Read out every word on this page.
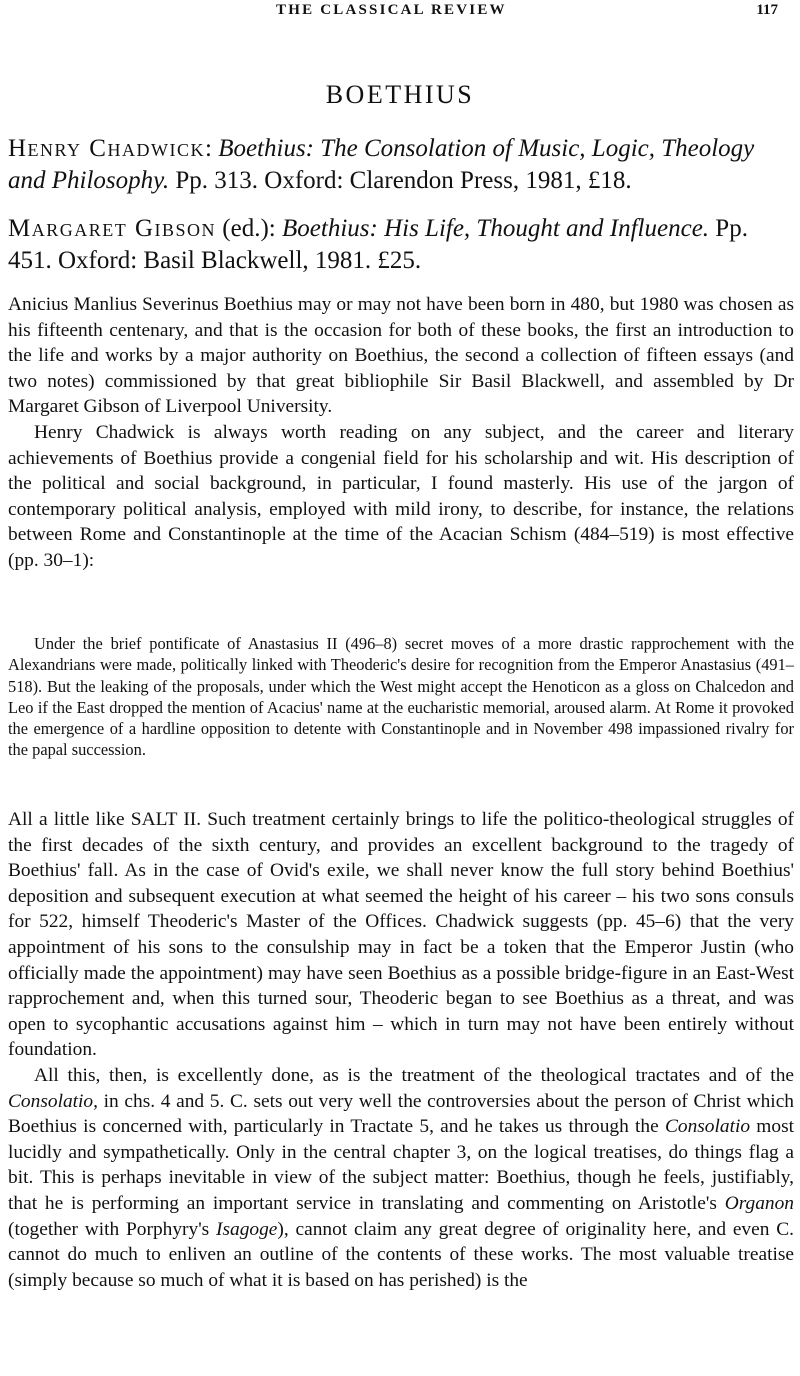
THE CLASSICAL REVIEW	117
BOETHIUS
Henry Chadwick: Boethius: The Consolation of Music, Logic, Theology and Philosophy. Pp. 313. Oxford: Clarendon Press, 1981, £18.
Margaret Gibson (ed.): Boethius: His Life, Thought and Influence. Pp. 451. Oxford: Basil Blackwell, 1981. £25.

Anicius Manlius Severinus Boethius may or may not have been born in 480, but 1980 was chosen as his fifteenth centenary, and that is the occasion for both of these books, the first an introduction to the life and works by a major authority on Boethius, the second a collection of fifteen essays (and two notes) commissioned by that great bibliophile Sir Basil Blackwell, and assembled by Dr Margaret Gibson of Liverpool University.

Henry Chadwick is always worth reading on any subject, and the career and literary achievements of Boethius provide a congenial field for his scholarship and wit. His description of the political and social background, in particular, I found masterly. His use of the jargon of contemporary political analysis, employed with mild irony, to describe, for instance, the relations between Rome and Constantinople at the time of the Acacian Schism (484–519) is most effective (pp. 30–1):

Under the brief pontificate of Anastasius II (496–8) secret moves of a more drastic rapprochement with the Alexandrians were made, politically linked with Theoderic's desire for recognition from the Emperor Anastasius (491–518). But the leaking of the proposals, under which the West might accept the Henoticon as a gloss on Chalcedon and Leo if the East dropped the mention of Acacius' name at the eucharistic memorial, aroused alarm. At Rome it provoked the emergence of a hardline opposition to detente with Constantinople and in November 498 impassioned rivalry for the papal succession.

All a little like SALT II. Such treatment certainly brings to life the politico-theological struggles of the first decades of the sixth century, and provides an excellent background to the tragedy of Boethius' fall. As in the case of Ovid's exile, we shall never know the full story behind Boethius' deposition and subsequent execution at what seemed the height of his career – his two sons consuls for 522, himself Theoderic's Master of the Offices. Chadwick suggests (pp. 45–6) that the very appointment of his sons to the consulship may in fact be a token that the Emperor Justin (who officially made the appointment) may have seen Boethius as a possible bridge-figure in an East-West rapprochement and, when this turned sour, Theoderic began to see Boethius as a threat, and was open to sycophantic accusations against him – which in turn may not have been entirely without foundation.

All this, then, is excellently done, as is the treatment of the theological tractates and of the Consolatio, in chs. 4 and 5. C. sets out very well the controversies about the person of Christ which Boethius is concerned with, particularly in Tractate 5, and he takes us through the Consolatio most lucidly and sympathetically. Only in the central chapter 3, on the logical treatises, do things flag a bit. This is perhaps inevitable in view of the subject matter: Boethius, though he feels, justifiably, that he is performing an important service in translating and commenting on Aristotle's Organon (together with Porphyry's Isagoge), cannot claim any great degree of originality here, and even C. cannot do much to enliven an outline of the contents of these works. The most valuable treatise (simply because so much of what it is based on has perished) is the
